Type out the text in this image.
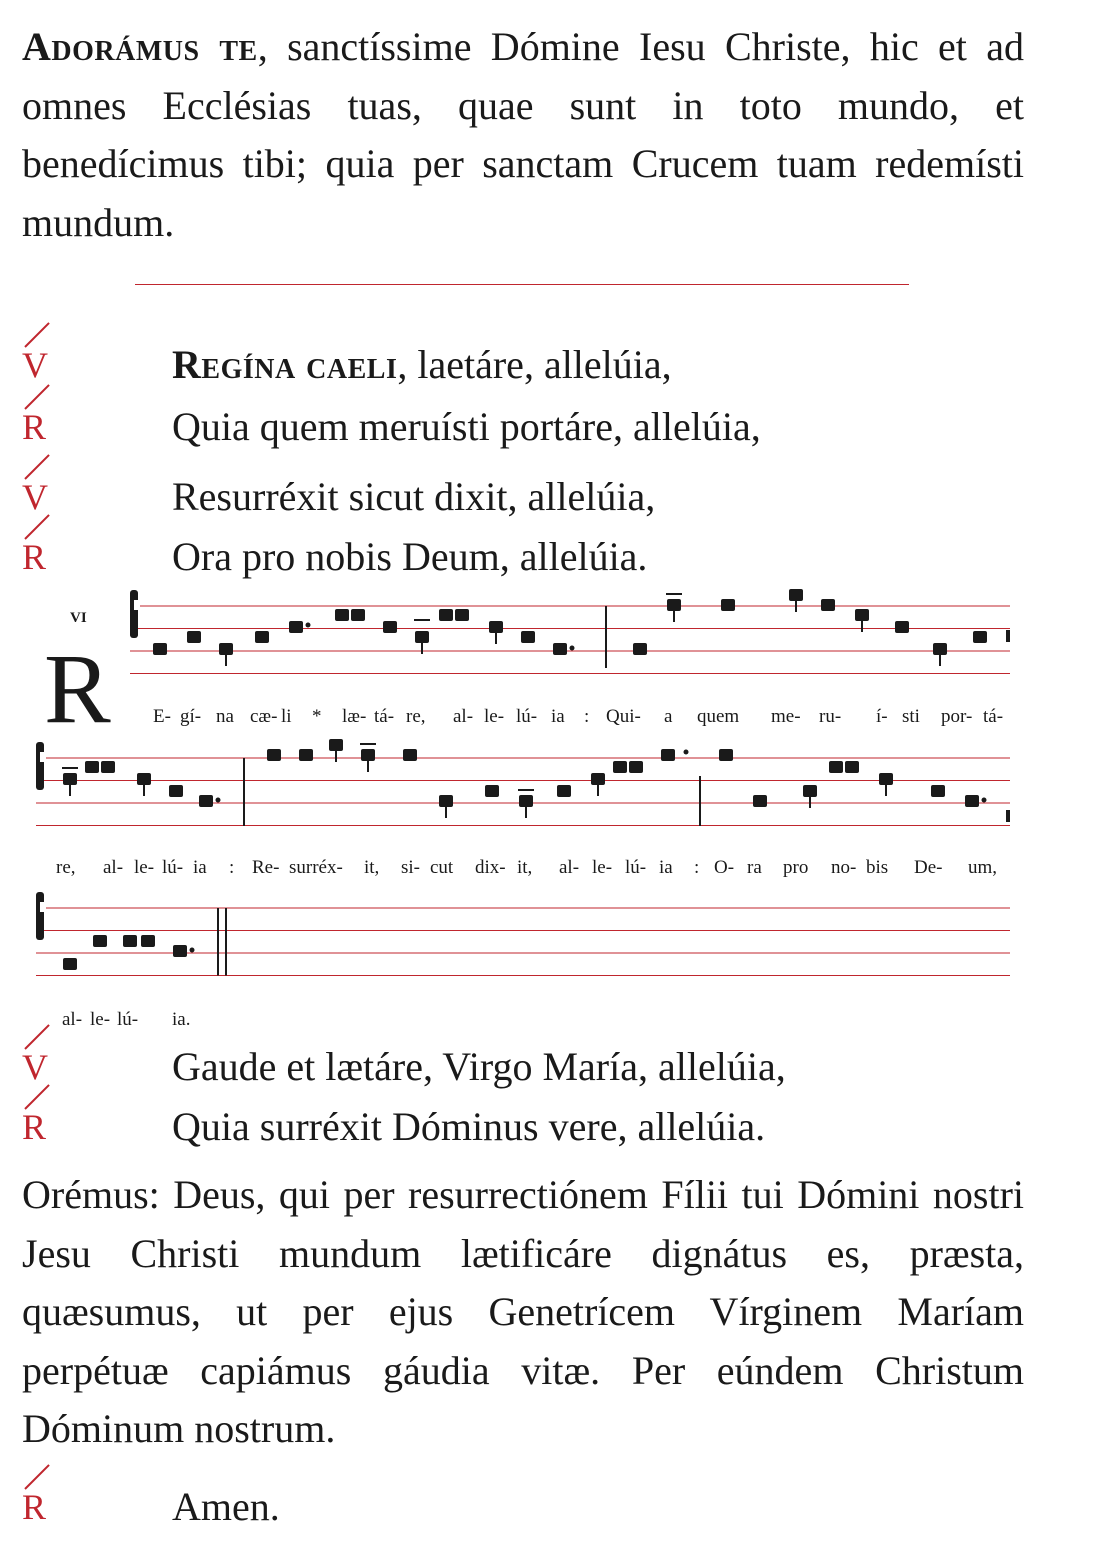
Adorámus te, sanctíssime Dómine Iesu Christe, hic et ad omnes Ecclésias tuas, quae sunt in toto mundo, et benedícimus tibi; quia per sanctam Crucem tuam redemísti mundum.

V	Regína caeli, laetáre, allelúia,
R	Quia quem meruísti portáre, allelúia,
V	Resurréxit sicut dixit, allelúia,
R	Ora pro nobis Deum, allelúia.
VI
R E- gí- na cæ- li * læ- tá- re, al- le- lú- ia : Qui- a quem me- ru- í- sti por- tá-
re, al- le- lú- ia : Re- surréx- it, si- cut dix- it, al- le- lú- ia : O- ra pro no- bis De- um,
al- le- lú- ia.
V	Gaude et lætáre, Virgo María, allelúia,
R	Quia surréxit Dóminus vere, allelúia.

Orémus: Deus, qui per resurrectiónem Fílii tui Dómini nostri Jesu Christi mundum lætificáre dignátus es, præsta, quæsumus, ut per ejus Genetrícem Vírginem Maríam perpétuæ capiámus gáudia vitæ. Per eúndem Christum Dóminum nostrum.

R	Amen.
